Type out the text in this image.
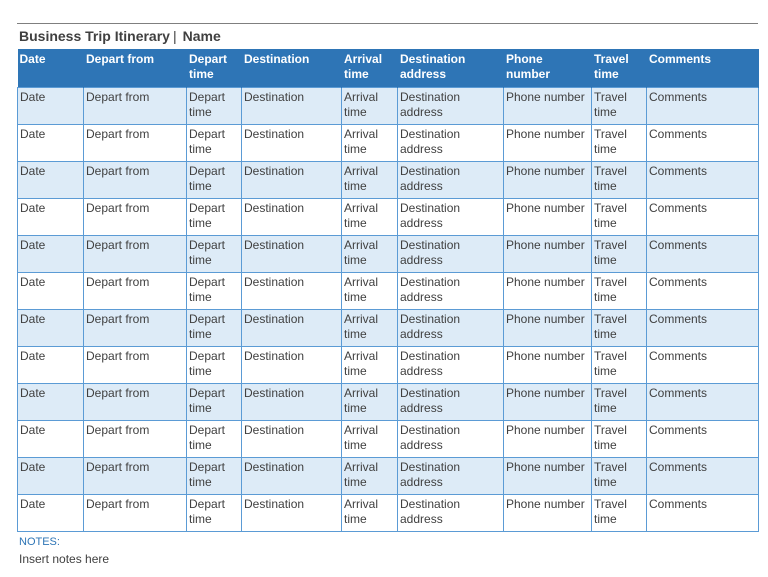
Business Trip Itinerary | Name
Date	Depart from	Depart time	Destination	Arrival time	Destination address	Phone number	Travel time	Comments
Date	Depart from	Depart time	Destination	Arrival time	Destination address	Phone number	Travel time	Comments
Date	Depart from	Depart time	Destination	Arrival time	Destination address	Phone number	Travel time	Comments
Date	Depart from	Depart time	Destination	Arrival time	Destination address	Phone number	Travel time	Comments
Date	Depart from	Depart time	Destination	Arrival time	Destination address	Phone number	Travel time	Comments
Date	Depart from	Depart time	Destination	Arrival time	Destination address	Phone number	Travel time	Comments
Date	Depart from	Depart time	Destination	Arrival time	Destination address	Phone number	Travel time	Comments
Date	Depart from	Depart time	Destination	Arrival time	Destination address	Phone number	Travel time	Comments
Date	Depart from	Depart time	Destination	Arrival time	Destination address	Phone number	Travel time	Comments
Date	Depart from	Depart time	Destination	Arrival time	Destination address	Phone number	Travel time	Comments
Date	Depart from	Depart time	Destination	Arrival time	Destination address	Phone number	Travel time	Comments
Date	Depart from	Depart time	Destination	Arrival time	Destination address	Phone number	Travel time	Comments
Date	Depart from	Depart time	Destination	Arrival time	Destination address	Phone number	Travel time	Comments
NOTES:
Insert notes here
